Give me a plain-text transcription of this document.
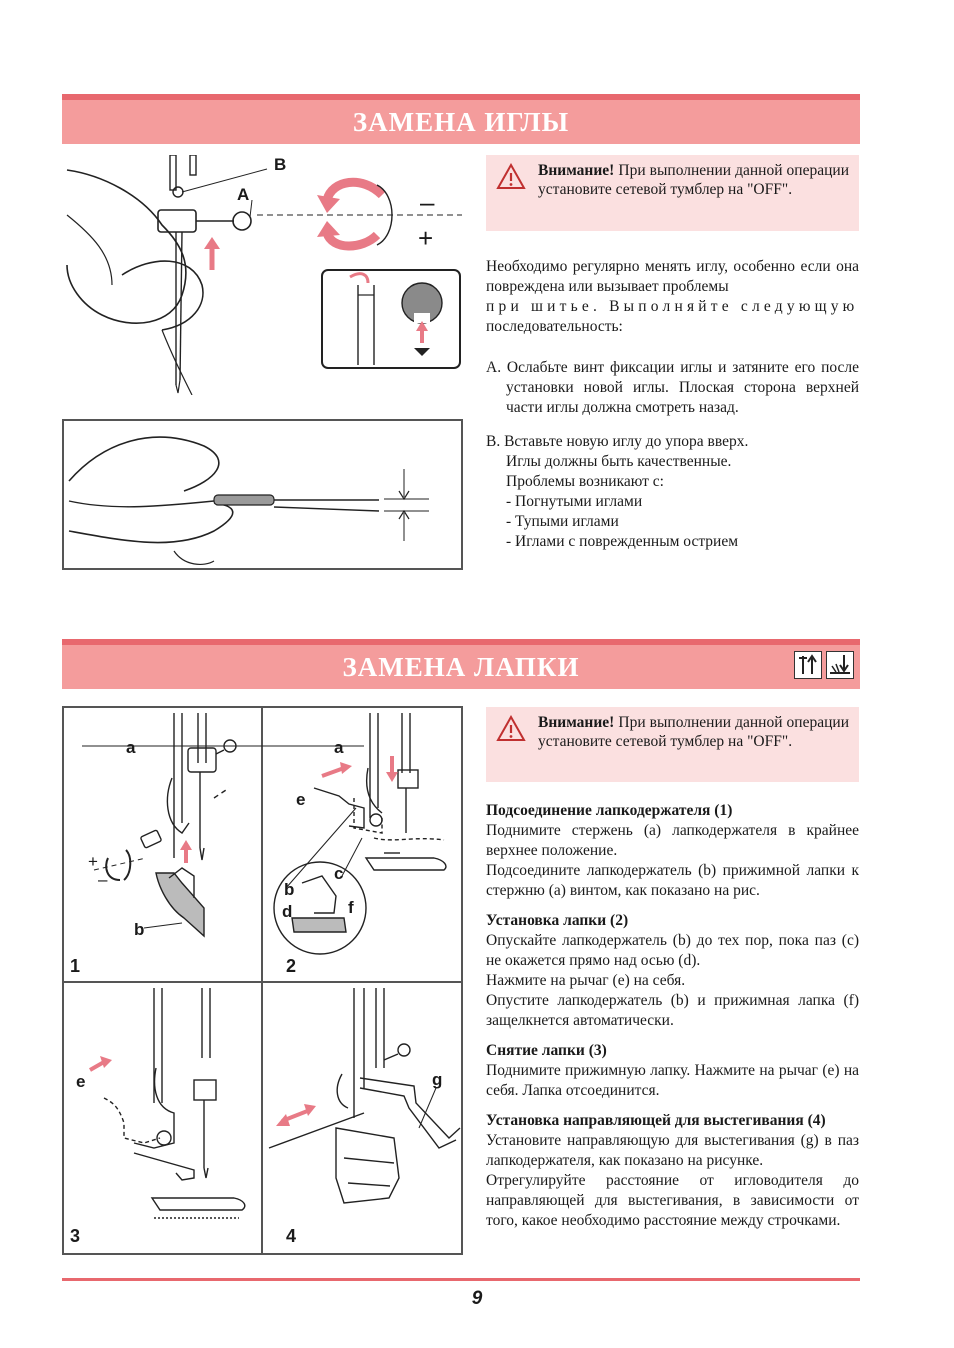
ЗАМЕНА ИГЛЫ
B
A	–
+
Внимание! При выполнении данной операции установите сетевой тумблер на "OFF".

Необходимо регулярно менять иглу, особенно если она повреждена или вызывает проблемы

при шитье. Выполняйте следующую

последовательность:

A. Ослабьте винт фиксации иглы и затяните его после установки новой иглы. Плоская сторона верхней части иглы должна смотреть назад.

B. Вставьте новую иглу до упора вверх.

Иглы должны быть качественные.

Проблемы возникают с:

- Погнутыми иглами

- Тупыми иглами

- Иглами с поврежденным острием

ЗАМЕНА ЛАПКИ
a
b
+
–
1
a
e
b
c
d	f
2
e
3
g
4
Внимание! При выполнении данной операции установите сетевой тумблер на "OFF".

Подсоединение лапкодержателя (1)

Поднимите стержень (a) лапкодержателя в крайнее верхнее положение.

Подсоедините лапкодержатель (b) прижимной лапки к стержню (a) винтом, как показано на рис.

Установка лапки (2)

Опускайте лапкодержатель (b) до тех пор, пока паз (c) не окажется прямо над осью (d).

Нажмите на рычаг (e) на себя.

Опустите лапкодержатель (b) и прижимная лапка (f) защелкнется автоматически.

Снятие лапки (3)

Поднимите прижимную лапку. Нажмите на рычаг (e) на себя. Лапка отсоединится.

Установка направляющей для выстегивания (4)

Установите направляющую для выстегивания (g) в паз лапкодержателя, как показано на рисунке.

Отрегулируйте расстояние от игловодителя до направляющей для выстегивания, в зависимости от того, какое необходимо расстояние между строчками.

9
